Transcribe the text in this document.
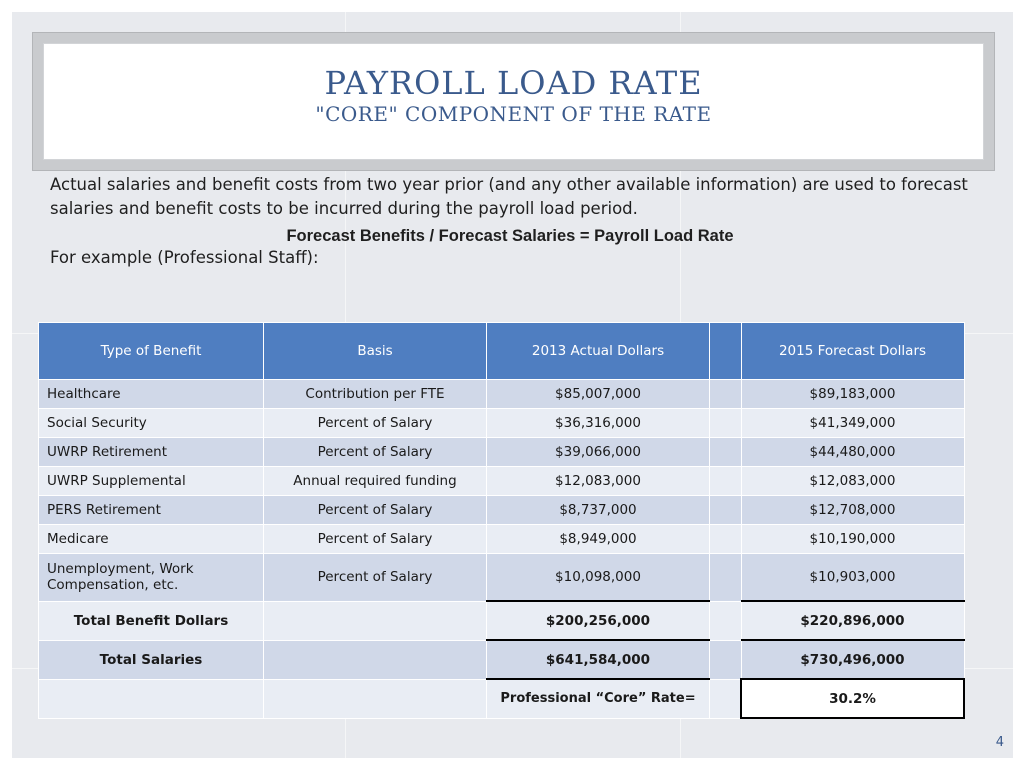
PAYROLL LOAD RATE
"CORE" COMPONENT OF THE RATE
Actual salaries and benefit costs from two year prior (and any other available information) are used to forecast salaries and benefit costs to be incurred during the payroll load period.
Forecast Benefits / Forecast Salaries = Payroll Load Rate
For example (Professional Staff):
Type of Benefit	Basis	2013 Actual Dollars		2015 Forecast Dollars
Healthcare	Contribution per FTE	$85,007,000		$89,183,000
Social Security	Percent of Salary	$36,316,000		$41,349,000
UWRP Retirement	Percent of Salary	$39,066,000		$44,480,000
UWRP Supplemental	Annual required funding	$12,083,000		$12,083,000
PERS Retirement	Percent of Salary	$8,737,000		$12,708,000
Medicare	Percent of Salary	$8,949,000		$10,190,000
Unemployment, Work Compensation, etc.	Percent of Salary	$10,098,000		$10,903,000
Total Benefit Dollars		$200,256,000		$220,896,000
Total Salaries		$641,584,000		$730,496,000
		Professional “Core” Rate=		30.2%
4
